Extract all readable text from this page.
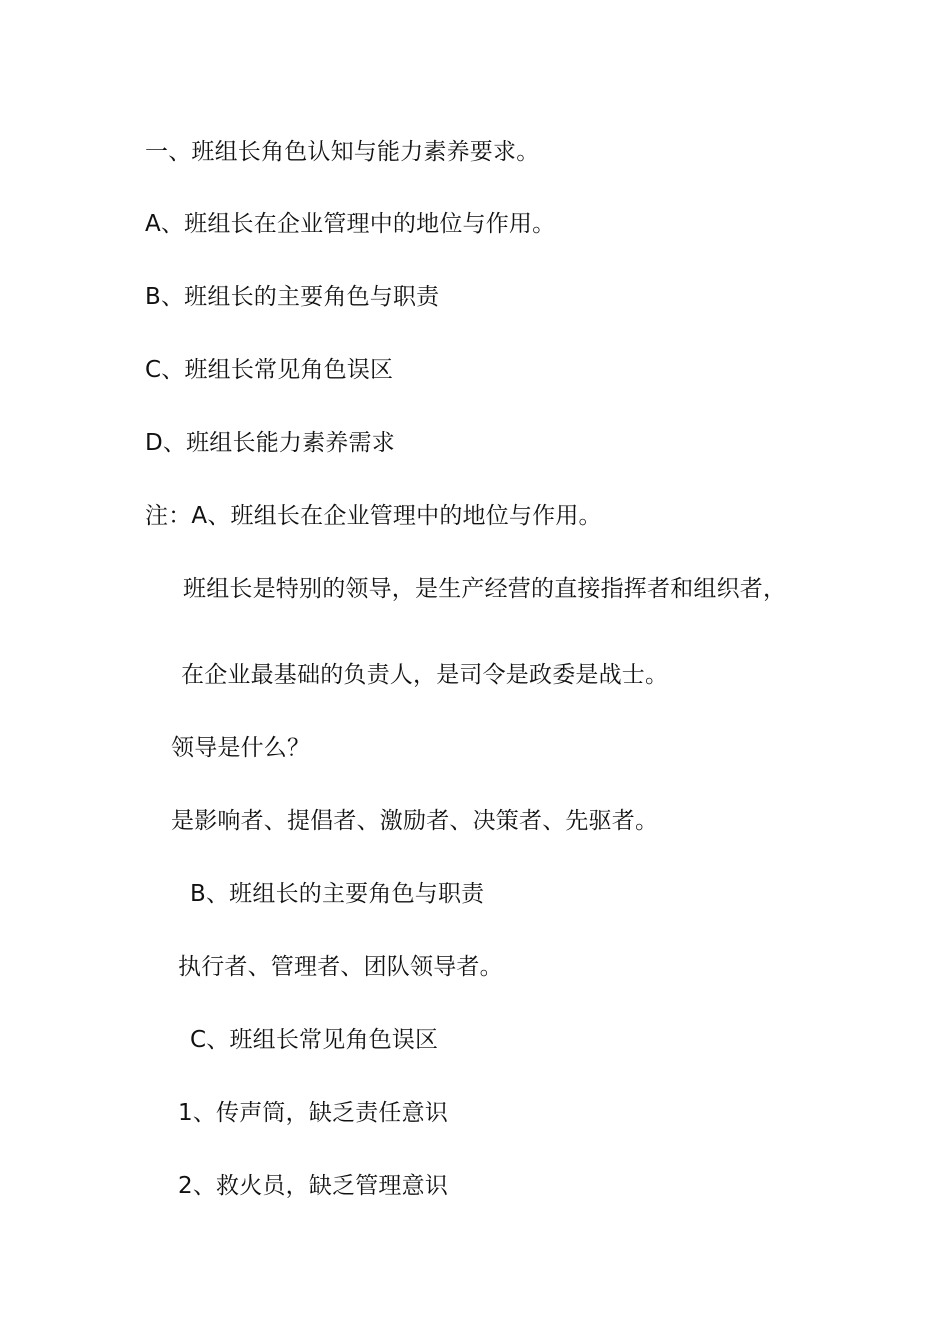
一、班组长角色认知与能力素养要求。

A、班组长在企业管理中的地位与作用。

B、班组长的主要角色与职责

C、班组长常见角色误区

D、班组长能力素养需求

注：A、班组长在企业管理中的地位与作用。

班组长是特别的领导，是生产经营的直接指挥者和组织者，

在企业最基础的负责人，是司令是政委是战士。

领导是什么？

是影响者、提倡者、激励者、决策者、先驱者。

B、班组长的主要角色与职责

执行者、管理者、团队领导者。

C、班组长常见角色误区

1、传声筒，缺乏责任意识

2、救火员，缺乏管理意识
